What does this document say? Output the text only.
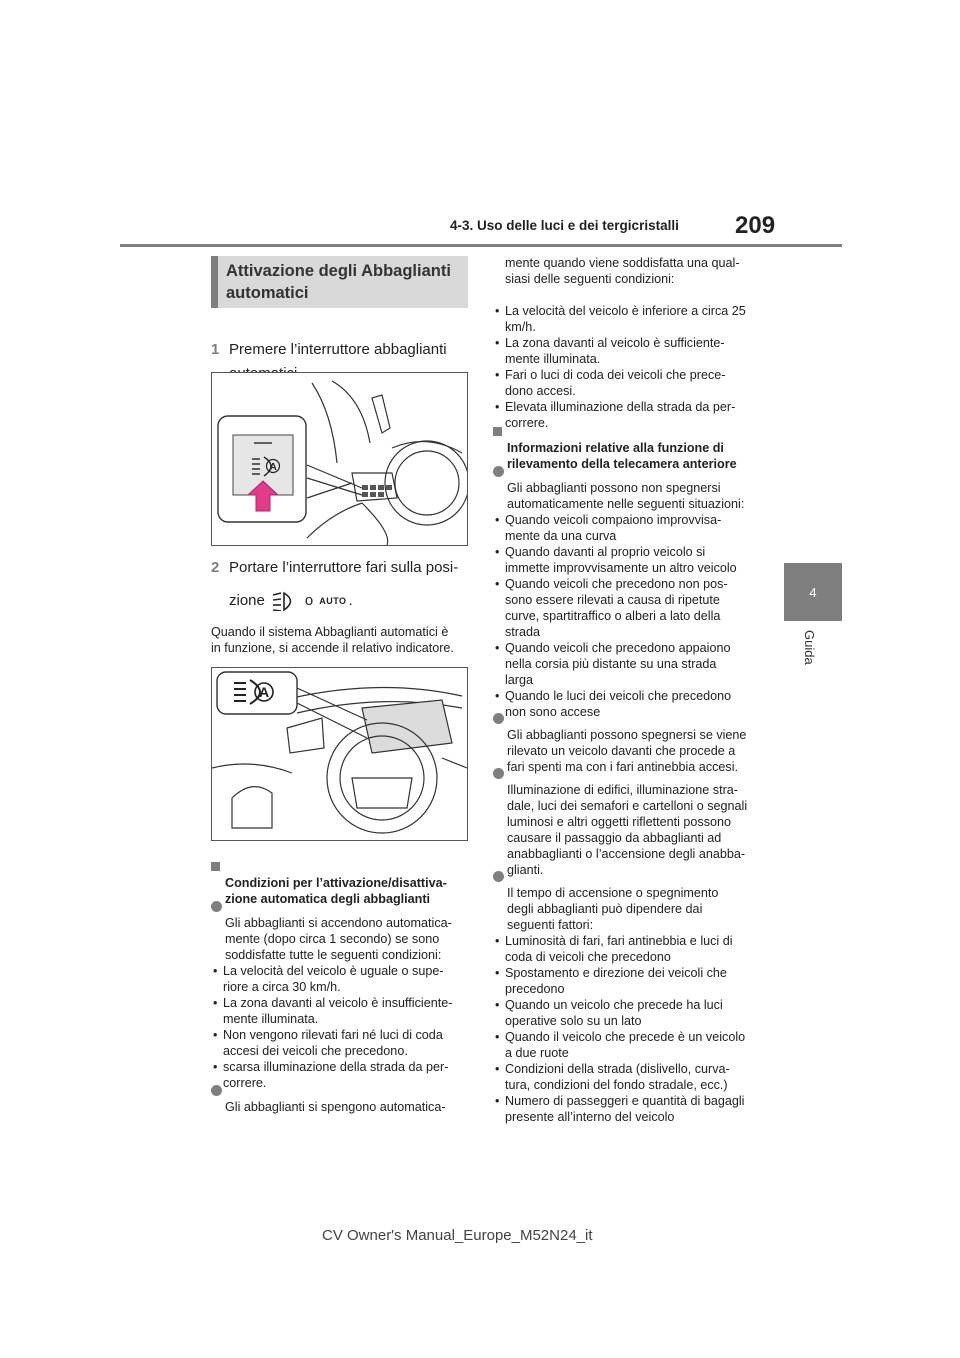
209
4-3. Uso delle luci e dei tergicristalli
4
Guida
Attivazione degli Abbaglianti
automatici

1 Premere l’interruttore abbaglianti

A
2 Portare l’interruttore fari sulla posi-
zione	o AUTO .
Quando il sistema Abbaglianti automatici è
in funzione, si accende il relativo indicatore.
A

Condizioni per l’attivazione/disattiva-
zione automatica degli abbaglianti

Gli abbaglianti si accendono automatica-
mente (dopo circa 1 secondo) se sono
soddisfatte tutte le seguenti condizioni:

• La velocità del veicolo è uguale o supe-
riore a circa 30 km/h.

• La zona davanti al veicolo è insufficiente-
mente illuminata.

• Non vengono rilevati fari né luci di coda
accesi dei veicoli che precedono.

• scarsa illuminazione della strada da per-
correre.

Gli abbaglianti si spengono automatica-

mente quando viene soddisfatta una qual-
siasi delle seguenti condizioni:

• La velocità del veicolo è inferiore a circa 25
km/h.

• La zona davanti al veicolo è sufficiente-
mente illuminata.

• Fari o luci di coda dei veicoli che prece-
dono accesi.

• Elevata illuminazione della strada da per-
correre.

Informazioni relative alla funzione di
rilevamento della telecamera anteriore

Gli abbaglianti possono non spegnersi
automaticamente nelle seguenti situazioni:

• Quando veicoli compaiono improvvisa-
mente da una curva

• Quando davanti al proprio veicolo si
immette improvvisamente un altro veicolo

• Quando veicoli che precedono non pos-
sono essere rilevati a causa di ripetute
curve, spartitraffico o alberi a lato della
strada

• Quando veicoli che precedono appaiono
nella corsia più distante su una strada
larga

• Quando le luci dei veicoli che precedono
non sono accese

Gli abbaglianti possono spegnersi se viene
rilevato un veicolo davanti che procede a
fari spenti ma con i fari antinebbia accesi.

Illuminazione di edifici, illuminazione stra-
dale, luci dei semafori e cartelloni o segnali
luminosi e altri oggetti riflettenti possono
causare il passaggio da abbaglianti ad
anabbaglianti o l’accensione degli anabba-
glianti.

Il tempo di accensione o spegnimento
degli abbaglianti può dipendere dai
seguenti fattori:

• Luminosità di fari, fari antinebbia e luci di
coda di veicoli che precedono

• Spostamento e direzione dei veicoli che
precedono

• Quando un veicolo che precede ha luci
operative solo su un lato

• Quando il veicolo che precede è un veicolo
a due ruote

• Condizioni della strada (dislivello, curva-
tura, condizioni del fondo stradale, ecc.)

• Numero di passeggeri e quantità di bagagli
presente all’interno del veicolo

CV Owner's Manual_Europe_M52N24_it
